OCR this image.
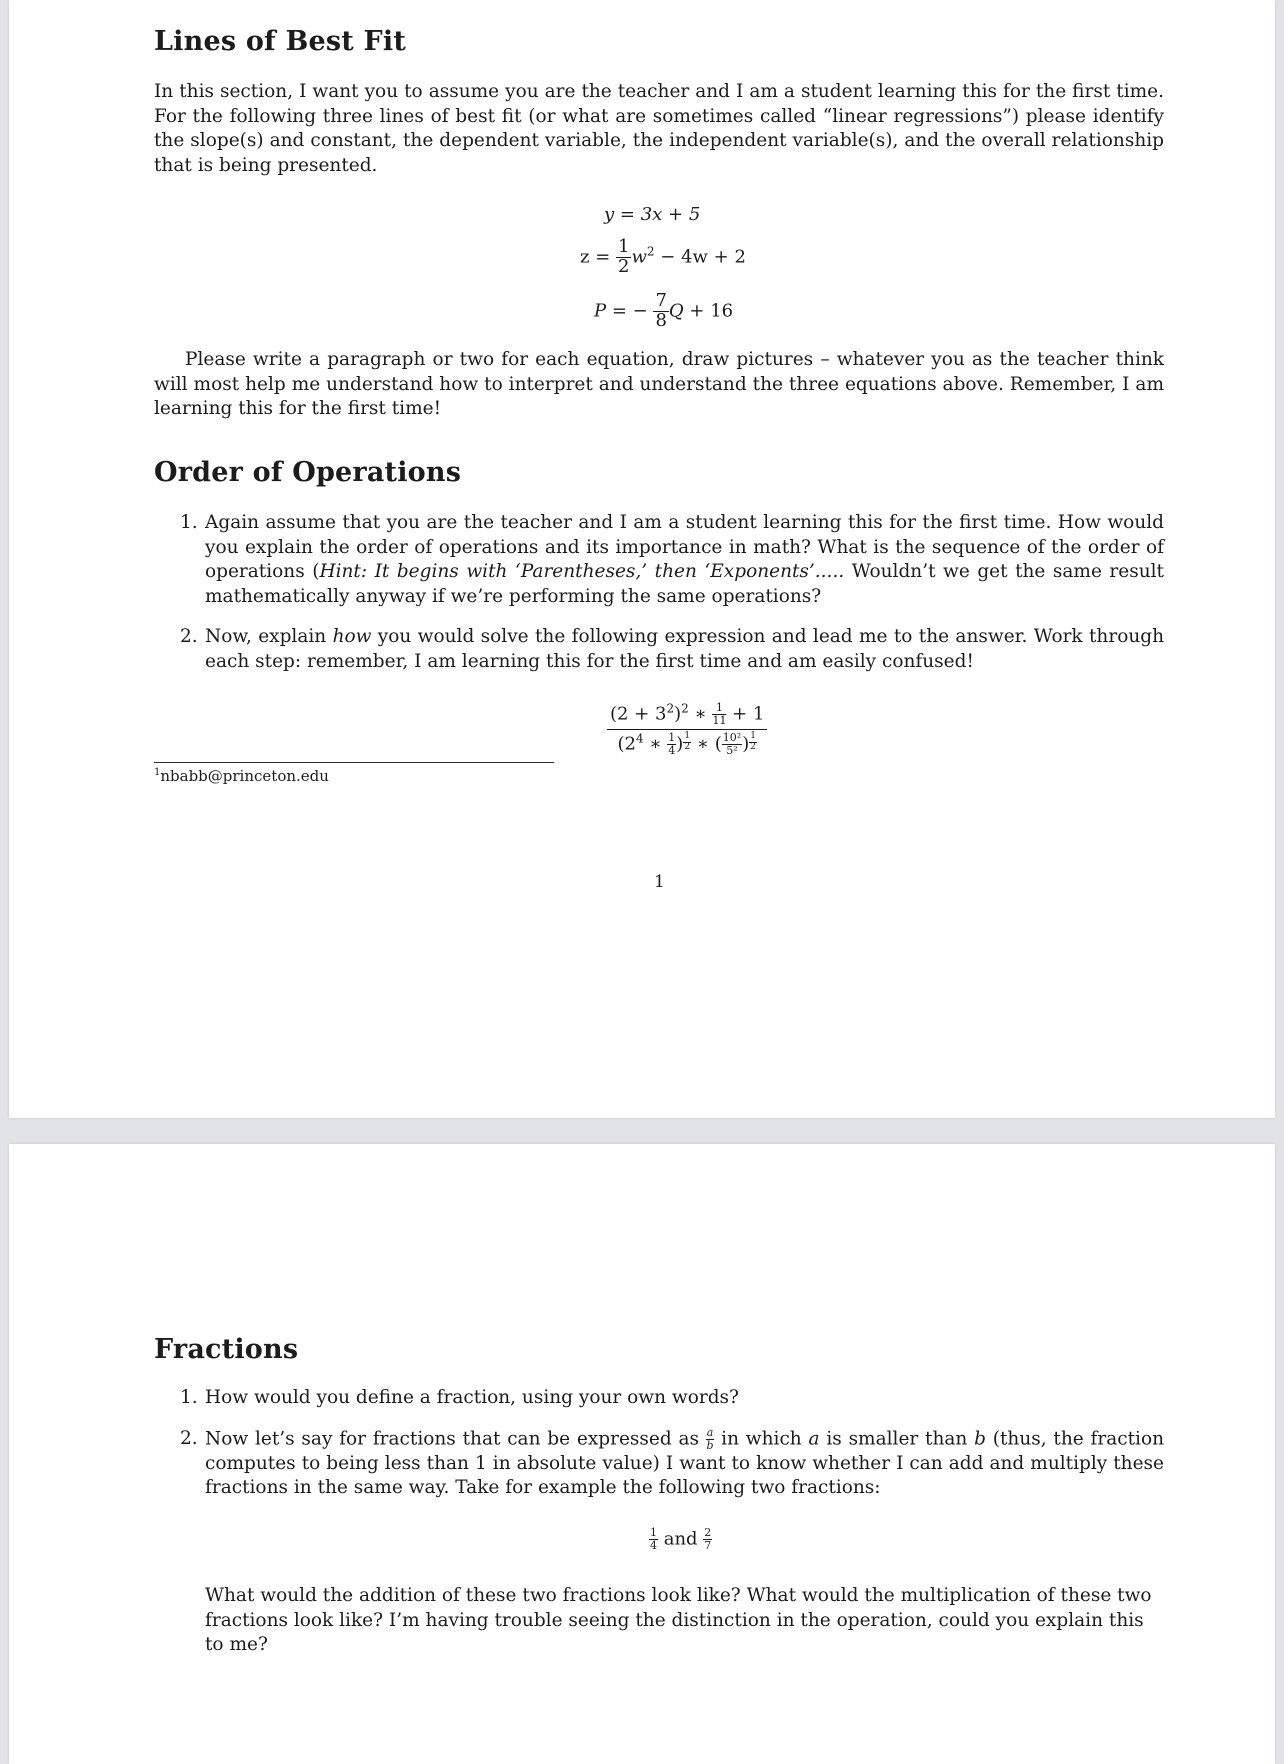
Lines of Best Fit

In this section, I want you to assume you are the teacher and I am a student learning this for the first time. For the following three lines of best fit (or what are sometimes called “linear regressions”) please identify the slope(s) and constant, the dependent variable, the independent variable(s), and the overall relationship that is being presented.

y = 3x + 5
$z = \frac{1}{2} w^2 - 4w + 2$
P = − $\frac{7}{8}$ Q + 16

Please write a paragraph or two for each equation, draw pictures – whatever you as the teacher think will most help me understand how to interpret and understand the three equations above. Remember, I am learning this for the first time!

Order of Operations
1. Again assume that you are the teacher and I am a student learning this for the first time. How would you explain the order of operations and its importance in math? What is the sequence of the order of operations (Hint: It begins with ‘Parentheses,’ then ‘Exponents’..... Wouldn’t we get the same result mathematically anyway if we’re performing the same operations?
2. Now, explain how you would solve the following expression and lead me to the answer. Work through each step: remember, I am learning this for the first time and am easily confused!
$\frac{(2 + 3^2)^2 ∗ \frac{1}{11} + 1}{(2^4 ∗ \frac{1}{4} ) \frac{1}{2} ∗ ( \frac{\text{10²}}{\text{5²}} ) \frac{1}{2}}$
$^1$nbabb@princeton.edu
1
Fractions
1. How would you define a fraction, using your own words?
2. Now let’s say for fractions that can be expressed as $\frac{a}{b}$ in which a is smaller than b (thus, the fraction computes to being less than 1 in absolute value) I want to know whether I can add and multiply these fractions in the same way. Take for example the following two fractions:
$\frac{1}{4}$ and $\frac{2}{7}$

What would the addition of these two fractions look like? What would the multiplication of these two fractions look like? I’m having trouble seeing the distinction in the operation, could you explain this to me?
